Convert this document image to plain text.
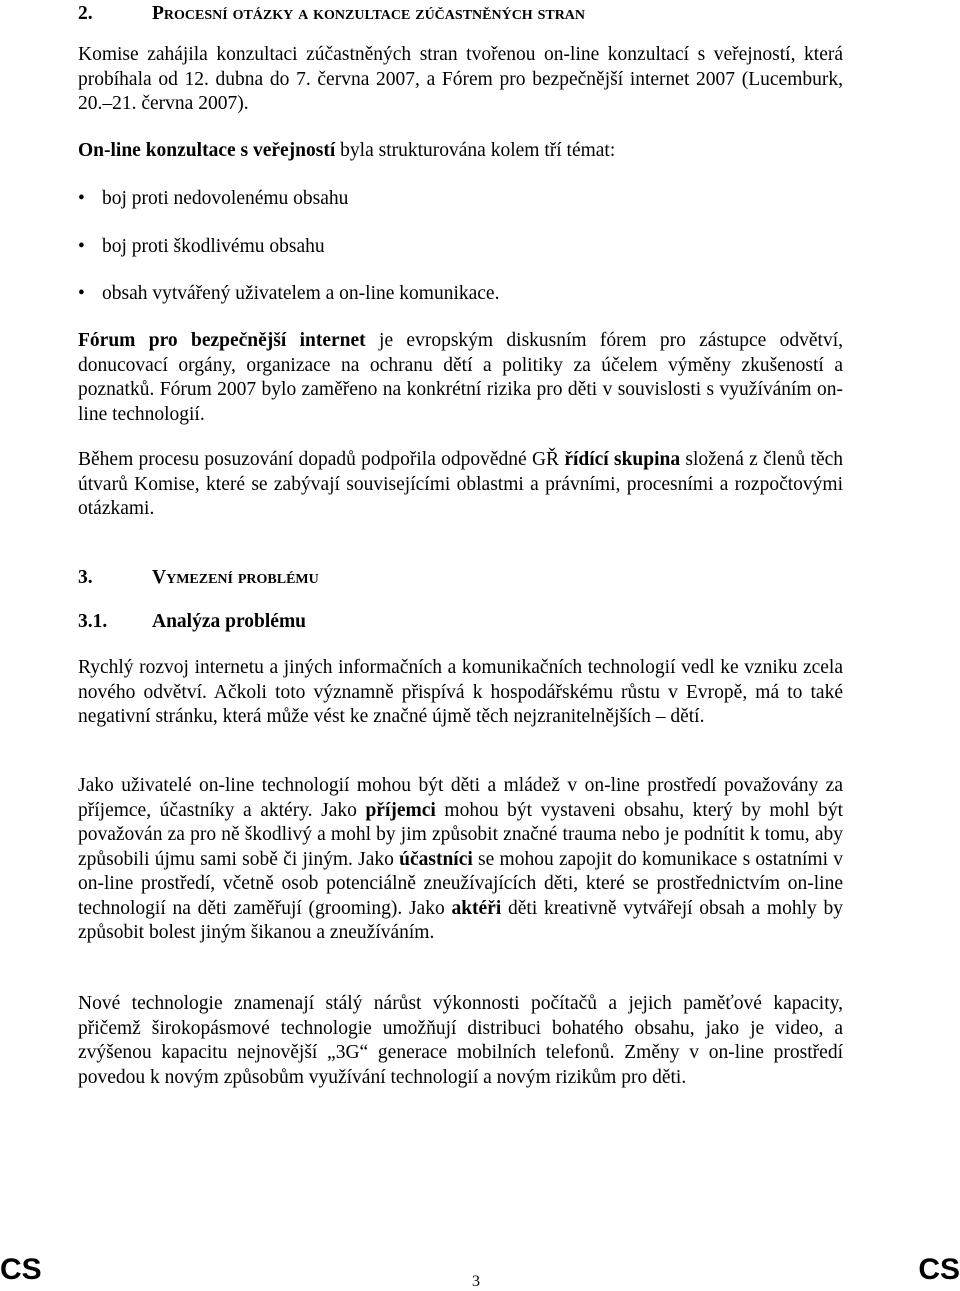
2.	Procesní otázky a konzultace zúčastněných stran

Komise zahájila konzultaci zúčastněných stran tvořenou on-line konzultací s veřejností, která probíhala od 12. dubna do 7. června 2007, a Fórem pro bezpečnější internet 2007 (Lucemburk, 20.–21. června 2007).

On-line konzultace s veřejností byla strukturována kolem tří témat:

• boj proti nedovolenému obsahu
• boj proti škodlivému obsahu
• obsah vytvářený uživatelem a on-line komunikace.

Fórum pro bezpečnější internet je evropským diskusním fórem pro zástupce odvětví, donucovací orgány, organizace na ochranu dětí a politiky za účelem výměny zkušeností a poznatků. Fórum 2007 bylo zaměřeno na konkrétní rizika pro děti v souvislosti s využíváním on-line technologií.

Během procesu posuzování dopadů podpořila odpovědné GŘ řídící skupina složená z členů těch útvarů Komise, které se zabývají souvisejícími oblastmi a právními, procesními a rozpočtovými otázkami.

3.	Vymezení problému
3.1. Analýza problému

Rychlý rozvoj internetu a jiných informačních a komunikačních technologií vedl ke vzniku zcela nového odvětví. Ačkoli toto významně přispívá k hospodářskému růstu v Evropě, má to také negativní stránku, která může vést ke značné újmě těch nejzranitelnějších – dětí.

Jako uživatelé on-line technologií mohou být děti a mládež v on-line prostředí považovány za příjemce, účastníky a aktéry. Jako příjemci mohou být vystaveni obsahu, který by mohl být považován za pro ně škodlivý a mohl by jim způsobit značné trauma nebo je podnítit k tomu, aby způsobili újmu sami sobě či jiným. Jako účastníci se mohou zapojit do komunikace s ostatními v on-line prostředí, včetně osob potenciálně zneužívajících děti, které se prostřednictvím on-line technologií na děti zaměřují (grooming). Jako aktéři děti kreativně vytvářejí obsah a mohly by způsobit bolest jiným šikanou a zneužíváním.

Nové technologie znamenají stálý nárůst výkonnosti počítačů a jejich paměťové kapacity, přičemž širokopásmové technologie umožňují distribuci bohatého obsahu, jako je video, a zvýšenou kapacitu nejnovější „3G“ generace mobilních telefonů. Změny v on-line prostředí povedou k novým způsobům využívání technologií a novým rizikům pro děti.

CS	3	CS
